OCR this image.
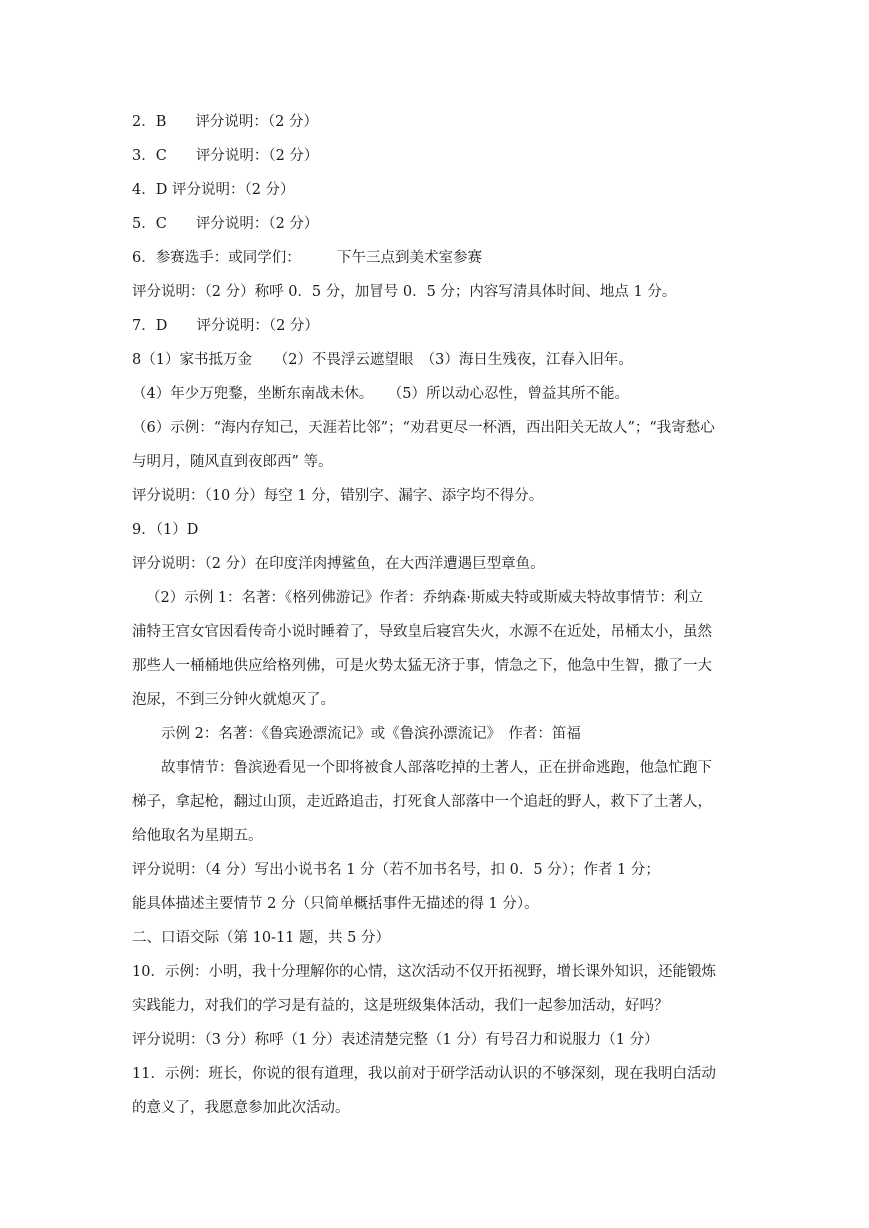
2．B　　评分说明：（2 分）
3．C　　评分说明：（2 分）
4．D 评分说明：（2 分）
5．C　　评分说明：（2 分）
6．参赛选手：或同学们：　　　下午三点到美术室参赛
评分说明：（2 分）称呼 0．5 分，加冒号 0．5 分；内容写清具体时间、地点 1 分。
7．D　　评分说明：（2 分）
8（1）家书抵万金　　（2）不畏浮云遮望眼　（3）海日生残夜，江春入旧年。
（4）年少万兜鍪，坐断东南战未休。　　（5）所以动心忍性，曾益其所不能。
（6）示例：“海内存知己，天涯若比邻”；“劝君更尽一杯酒，西出阳关无故人”；“我寄愁心
与明月，随风直到夜郎西” 等。
评分说明：（10 分）每空 1 分，错别字、漏字、添字均不得分。
9．（1）D
评分说明：（2 分）在印度洋肉搏鲨鱼，在大西洋遭遇巨型章鱼。
（2）示例 1：名著：《格列佛游记》作者：乔纳森·斯威夫特或斯威夫特故事情节：利立
浦特王宫女官因看传奇小说时睡着了，导致皇后寝宫失火，水源不在近处，吊桶太小，虽然
那些人一桶桶地供应给格列佛，可是火势太猛无济于事，情急之下，他急中生智，撒了一大
泡尿，不到三分钟火就熄灭了。
示例 2：名著：《鲁宾逊漂流记》或《鲁滨孙漂流记》　作者：笛福
故事情节：鲁滨逊看见一个即将被食人部落吃掉的土著人，正在拼命逃跑，他急忙跑下
梯子，拿起枪，翻过山顶，走近路追击，打死食人部落中一个追赶的野人，救下了土著人，
给他取名为星期五。
评分说明：（4 分）写出小说书名 1 分（若不加书名号，扣 0．5 分）；作者 1 分；
能具体描述主要情节 2 分（只简单概括事件无描述的得 1 分）。
二、口语交际（第 10-11 题，共 5 分）
10．示例：小明，我十分理解你的心情，这次活动不仅开拓视野，增长课外知识，还能锻炼
实践能力，对我们的学习是有益的，这是班级集体活动，我们一起参加活动，好吗？
评分说明：（3 分）称呼（1 分）表述清楚完整（1 分）有号召力和说服力（1 分）
11．示例：班长，你说的很有道理，我以前对于研学活动认识的不够深刻，现在我明白活动
的意义了，我愿意参加此次活动。
